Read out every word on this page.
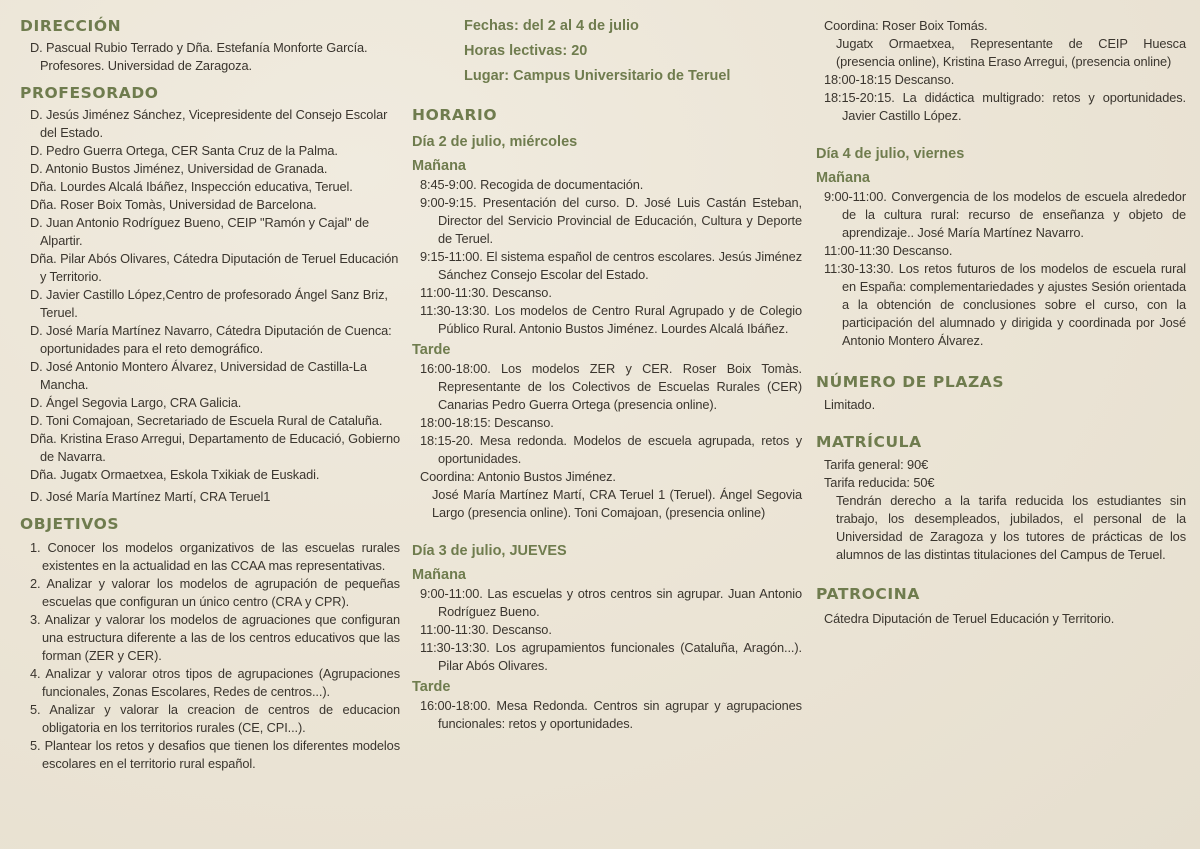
DIRECCIÓN
D. Pascual Rubio Terrado y Dña. Estefanía Monforte García. Profesores. Universidad de Zaragoza.
PROFESORADO
D. Jesús Jiménez Sánchez, Vicepresidente del Consejo Escolar del Estado.
D. Pedro Guerra Ortega, CER Santa Cruz de la Palma.
D. Antonio Bustos Jiménez, Universidad de Granada.
Dña. Lourdes Alcalá Ibáñez, Inspección educativa, Teruel.
Dña. Roser Boix Tomàs, Universidad de Barcelona.
D. Juan Antonio Rodríguez Bueno, CEIP "Ramón y Cajal" de Alpartir.
Dña. Pilar Abós Olivares, Cátedra Diputación de Teruel Educación y Territorio.
D. Javier Castillo López,Centro de profesorado Ángel Sanz Briz, Teruel.
D. José María Martínez Navarro, Cátedra Diputación de Cuenca: oportunidades para el reto demográfico.
D. José Antonio Montero Álvarez, Universidad de Castilla-La Mancha.
D. Ángel Segovia Largo, CRA Galicia.
D. Toni Comajoan, Secretariado de Escuela Rural de Cataluña.
Dña. Kristina Eraso Arregui, Departamento de Educació, Gobierno de Navarra.
Dña. Jugatx Ormaetxea, Eskola Txikiak de Euskadi.
D. José María Martínez Martí, CRA Teruel1
OBJETIVOS
1. Conocer los modelos organizativos de las escuelas rurales existentes en la actualidad en las CCAA mas representativas.
2. Analizar y valorar los modelos de agrupación de pequeñas escuelas que configuran un único centro (CRA y CPR).
3. Analizar y valorar los modelos de agruaciones que configuran una estructura diferente a las de los centros educativos que las forman (ZER y CER).
4. Analizar y valorar otros tipos de agrupaciones (Agrupaciones funcionales, Zonas Escolares, Redes de centros...).
5. Analizar y valorar la creacion de centros de educacion obligatoria en los territorios rurales (CE, CPI...).
5. Plantear los retos y desafios que tienen los diferentes modelos escolares en el territorio rural español.
Fechas: del 2 al 4 de julio
Horas lectivas: 20
Lugar: Campus Universitario de Teruel
HORARIO
Día 2 de julio, miércoles
Mañana
8:45-9:00. Recogida de documentación.
9:00-9:15. Presentación del curso. D. José Luis Castán Esteban, Director del Servicio Provincial de Educación, Cultura y Deporte de Teruel.
9:15-11:00. El sistema español de centros escolares. Jesús Jiménez Sánchez Consejo Escolar del Estado.
11:00-11:30. Descanso.
11:30-13:30. Los modelos de Centro Rural Agrupado y de Colegio Público Rural. Antonio Bustos Jiménez. Lourdes Alcalá Ibáñez.
Tarde
16:00-18:00. Los modelos ZER y CER. Roser Boix Tomàs. Representante de los Colectivos de Escuelas Rurales (CER) Canarias Pedro Guerra Ortega (presencia online).
18:00-18:15: Descanso.
18:15-20. Mesa redonda. Modelos de escuela agrupada, retos y oportunidades.
Coordina: Antonio Bustos Jiménez.
José María Martínez Martí, CRA Teruel 1 (Teruel). Ángel Segovia Largo (presencia online). Toni Comajoan, (presencia online)
Día 3 de julio, JUEVES
Mañana
9:00-11:00. Las escuelas y otros centros sin agrupar. Juan Antonio Rodríguez Bueno.
11:00-11:30. Descanso.
11:30-13:30. Los agrupamientos funcionales (Cataluña, Aragón...). Pilar Abós Olivares.
Tarde
16:00-18:00. Mesa Redonda. Centros sin agrupar y agrupaciones funcionales: retos y oportunidades.
Coordina: Roser Boix Tomás.
Jugatx Ormaetxea, Representante de CEIP Huesca (presencia online), Kristina Eraso Arregui, (presencia online)
18:00-18:15 Descanso.
18:15-20:15. La didáctica multigrado: retos y oportunidades. Javier Castillo López.
Día 4 de julio, viernes
Mañana
9:00-11:00. Convergencia de los modelos de escuela alrededor de la cultura rural: recurso de enseñanza y objeto de aprendizaje.. José María Martínez Navarro.
11:00-11:30 Descanso.
11:30-13:30. Los retos futuros de los modelos de escuela rural en España: complementariedades y ajustes Sesión orientada a la obtención de conclusiones sobre el curso, con la participación del alumnado y dirigida y coordinada por José Antonio Montero Álvarez.
NÚMERO DE PLAZAS
Limitado.
MATRÍCULA
Tarifa general: 90€
Tarifa reducida: 50€
Tendrán derecho a la tarifa reducida los estudiantes sin trabajo, los desempleados, jubilados, el personal de la Universidad de Zaragoza y los tutores de prácticas de los alumnos de las distintas titulaciones del Campus de Teruel.
PATROCINA
Cátedra Diputación de Teruel Educación y Territorio.
